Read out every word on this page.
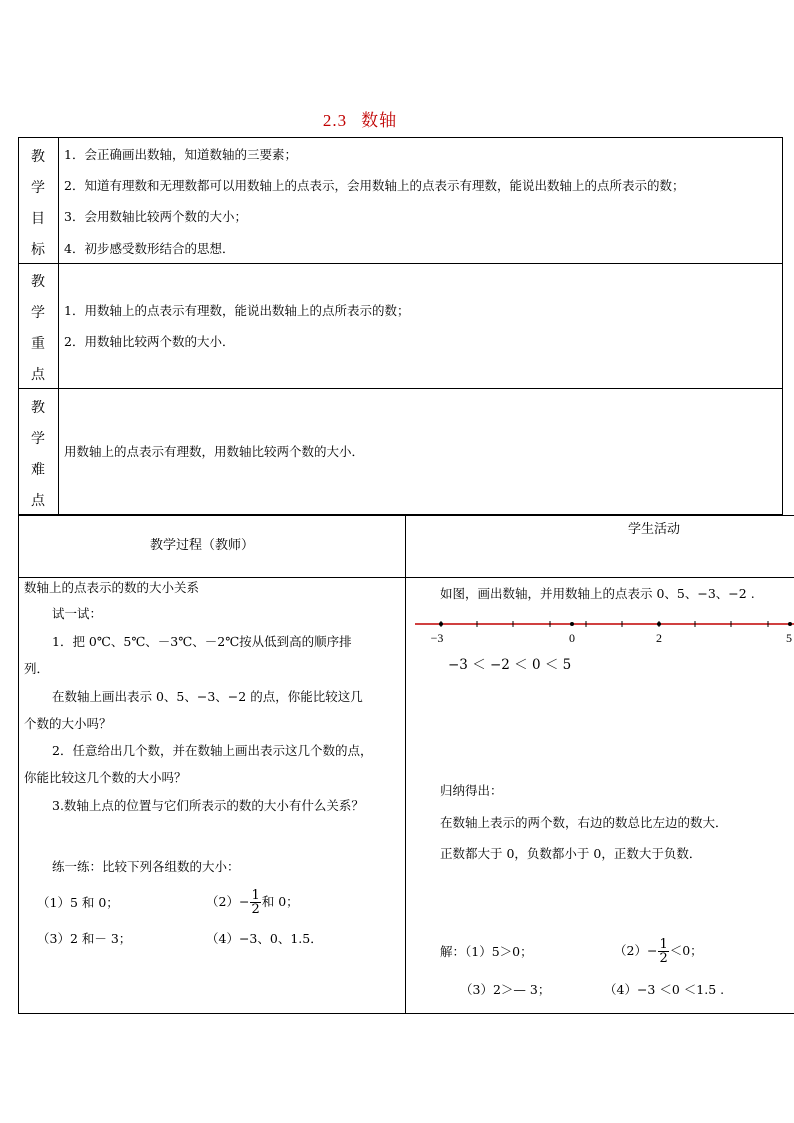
2.3 数轴
教
学
目
标
1．会正确画出数轴，知道数轴的三要素；
2．知道有理数和无理数都可以用数轴上的点表示，会用数轴上的点表示有理数，能说出数轴上的点所表示的数；
3．会用数轴比较两个数的大小；
4．初步感受数形结合的思想．
教
学
重
点
1．用数轴上的点表示有理数，能说出数轴上的点所表示的数；
2．用数轴比较两个数的大小．
教
学
难
点
用数轴上的点表示有理数，用数轴比较两个数的大小．
教学过程（教师）
学生活动
数轴上的点表示的数的大小关系
试一试：
1．把 0℃、5℃、－3℃、－2℃按从低到高的顺序排
列．
在数轴上画出表示 0、5、−3、−2 的点，你能比较这几
个数的大小吗？
2．任意给出几个数，并在数轴上画出表示这几个数的点，
你能比较这几个数的大小吗？
3.数轴上点的位置与它们所表示的数的大小有什么关系？
练一练：比较下列各组数的大小：
（1）5 和 0；	$(2)- \frac{1}{2}$ 和 0；
（3）2 和－ 3；	（4）−3、0、1.5．
如图，画出数轴，并用数轴上的点表示 0、5、−3、−2 .
−3	0	2	5
−3 ＜ −2 ＜ 0 ＜ 5
归纳得出：
在数轴上表示的两个数，右边的数总比左边的数大．
正数都大于 0，负数都小于 0，正数大于负数．
解：（1）5＞0；	$(2)- \frac{1}{2} <0$；
（3）2＞— 3；	（4）−3 ＜0 ＜1.5 .
